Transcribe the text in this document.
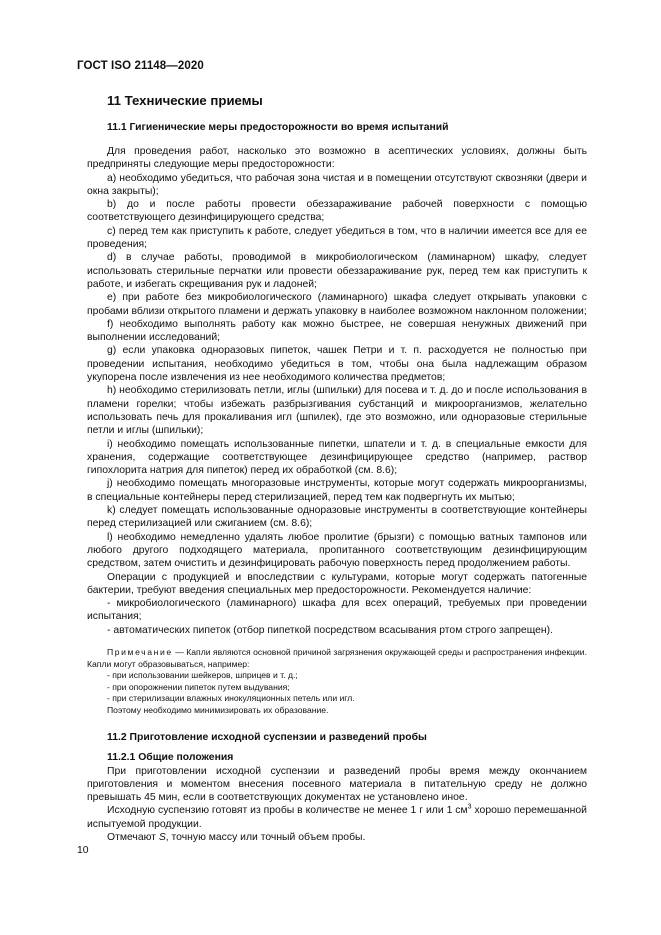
ГОСТ ISO 21148—2020
11 Технические приемы
11.1 Гигиенические меры предосторожности во время испытаний

Для проведения работ, насколько это возможно в асептических условиях, должны быть предприняты следующие меры предосторожности:

a) необходимо убедиться, что рабочая зона чистая и в помещении отсутствуют сквозняки (двери и окна закрыты);

b) до и после работы провести обеззараживание рабочей поверхности с помощью соответствующего дезинфицирующего средства;

c) перед тем как приступить к работе, следует убедиться в том, что в наличии имеется все для ее проведения;

d) в случае работы, проводимой в микробиологическом (ламинарном) шкафу, следует использовать стерильные перчатки или провести обеззараживание рук, перед тем как приступить к работе, и избегать скрещивания рук и ладоней;

e) при работе без микробиологического (ламинарного) шкафа следует открывать упаковки с пробами вблизи открытого пламени и держать упаковку в наиболее возможном наклонном положении;

f) необходимо выполнять работу как можно быстрее, не совершая ненужных движений при выполнении исследований;

g) если упаковка одноразовых пипеток, чашек Петри и т. п. расходуется не полностью при проведении испытания, необходимо убедиться в том, чтобы она была надлежащим образом укупорена после извлечения из нее необходимого количества предметов;

h) необходимо стерилизовать петли, иглы (шпильки) для посева и т. д. до и после использования в пламени горелки; чтобы избежать разбрызгивания субстанций и микроорганизмов, желательно использовать печь для прокаливания игл (шпилек), где это возможно, или одноразовые стерильные петли и иглы (шпильки);

i) необходимо помещать использованные пипетки, шпатели и т. д. в специальные емкости для хранения, содержащие соответствующее дезинфицирующее средство (например, раствор гипохлорита натрия для пипеток) перед их обработкой (см. 8.6);

j) необходимо помещать многоразовые инструменты, которые могут содержать микроорганизмы, в специальные контейнеры перед стерилизацией, перед тем как подвергнуть их мытью;

k) следует помещать использованные одноразовые инструменты в соответствующие контейнеры перед стерилизацией или сжиганием (см. 8.6);

l) необходимо немедленно удалять любое пролитие (брызги) с помощью ватных тампонов или любого другого подходящего материала, пропитанного соответствующим дезинфицирующим средством, затем очистить и дезинфицировать рабочую поверхность перед продолжением работы.

Операции с продукцией и впоследствии с культурами, которые могут содержать патогенные бактерии, требуют введения специальных мер предосторожности. Рекомендуется наличие:

- микробиологического (ламинарного) шкафа для всех операций, требуемых при проведении испытания;

- автоматических пипеток (отбор пипеткой посредством всасывания ртом строго запрещен).

Примечание — Капли являются основной причиной загрязнения окружающей среды и распространения инфекции. Капли могут образовываться, например:

- при использовании шейкеров, шприцев и т. д.;

- при опорожнении пипеток путем выдувания;

- при стерилизации влажных инокуляционных петель или игл.

Поэтому необходимо минимизировать их образование.

11.2 Приготовление исходной суспензии и разведений пробы
11.2.1 Общие положения

При приготовлении исходной суспензии и разведений пробы время между окончанием приготовления и моментом внесения посевного материала в питательную среду не должно превышать 45 мин, если в соответствующих документах не установлено иное.

Исходную суспензию готовят из пробы в количестве не менее 1 г или 1 $см^3$ хорошо перемешанной испытуемой продукции.

Отмечают S, точную массу или точный объем пробы.

10
